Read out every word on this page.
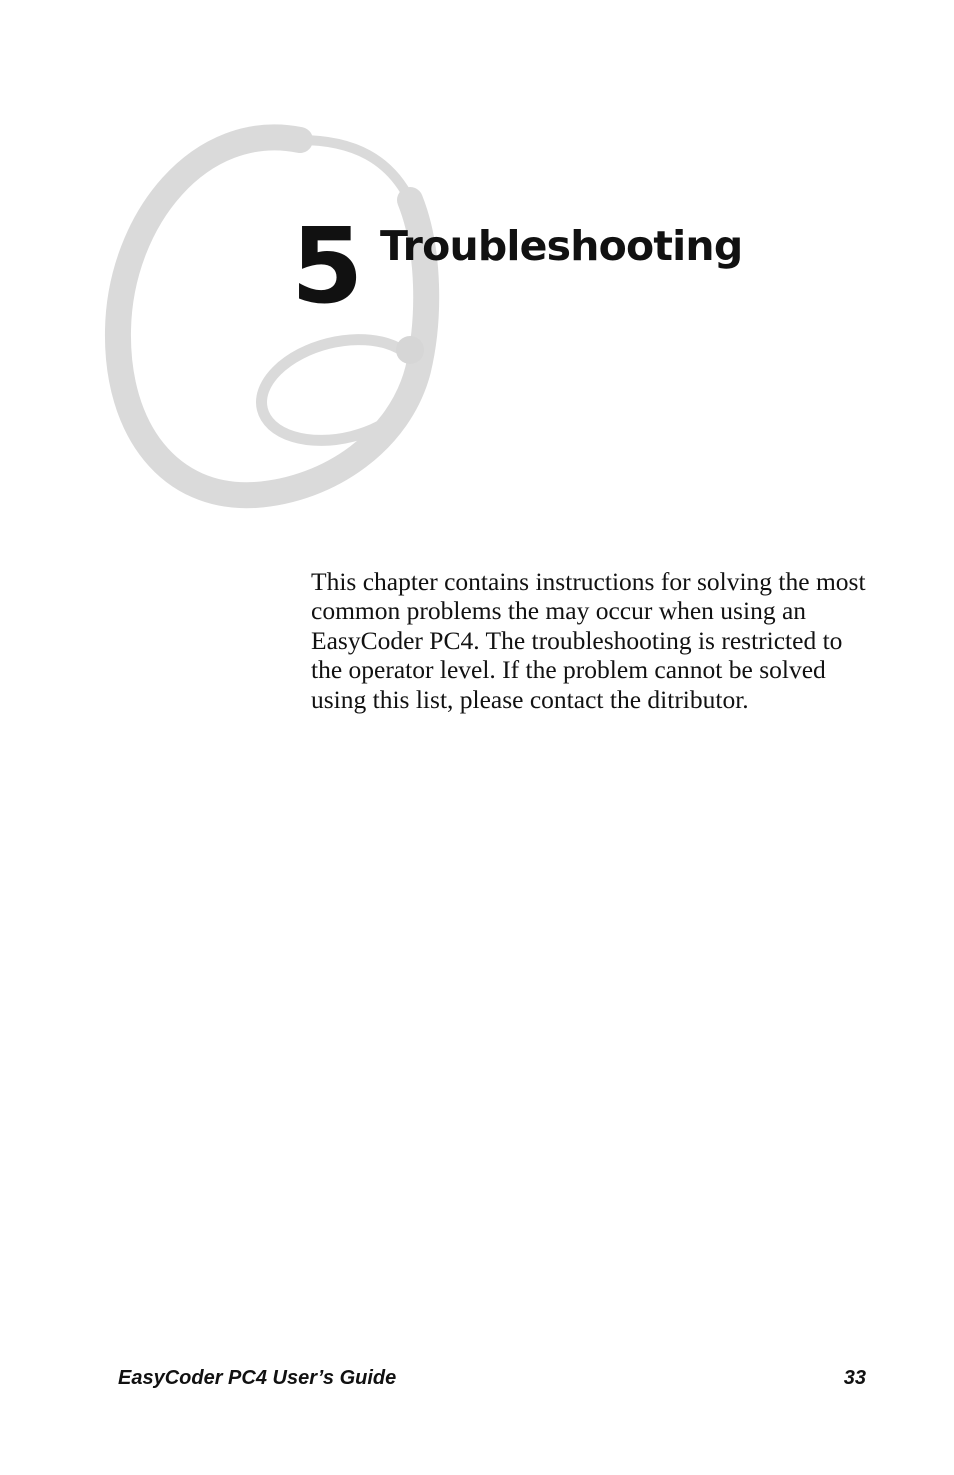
5 Troubleshooting

This chapter contains instructions for solving the most common problems the may occur when using an EasyCoder PC4. The troubleshooting is restricted to the operator level. If the problem cannot be solved using this list, please contact the ditributor.

EasyCoder PC4 User’s Guide	33
